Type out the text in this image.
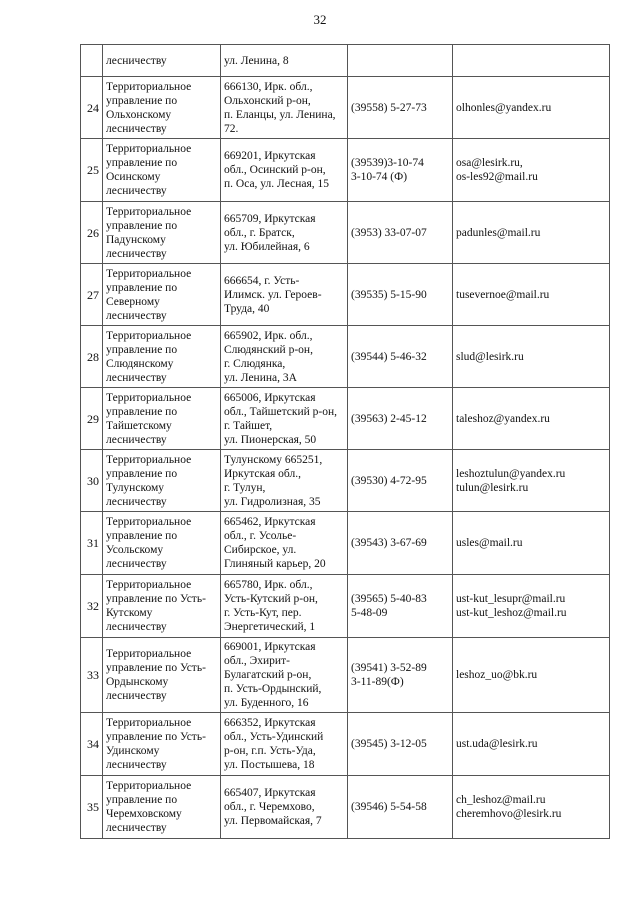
32

	лесничеству	ул. Ленина, 8		

24	Территориальное
управление по
Ольхонскому
лесничеству	666130, Ирк. обл.,
Ольхонский р-он,
п. Еланцы, ул. Ленина,
72.	(39558) 5-27-73	olhonles@yandex.ru

25	Территориальное
управление по
Осинскому
лесничеству	669201, Иркутская
обл., Осинский р-он,
п. Оса, ул. Лесная, 15	(39539)3-10-74
3-10-74 (Ф)	osa@lesirk.ru,
os-les92@mail.ru

26	Территориальное
управление по
Падунскому
лесничеству	665709, Иркутская
обл., г. Братск,
ул. Юбилейная, 6	(3953) 33-07-07	padunles@mail.ru

27	Территориальное
управление по
Северному
лесничеству	666654, г. Усть-
Илимск. ул. Героев-
Труда, 40	(39535) 5-15-90	tusevernoe@mail.ru

28	Территориальное
управление по
Слюдянскому
лесничеству	665902, Ирк. обл.,
Слюдянский р-он,
г. Слюдянка,
ул. Ленина, 3А	(39544) 5-46-32	slud@lesirk.ru

29	Территориальное
управление по
Тайшетскому
лесничеству	665006, Иркутская
обл., Тайшетский р-он,
г. Тайшет,
ул. Пионерская, 50	(39563) 2-45-12	taleshoz@yandex.ru

30	Территориальное
управление по
Тулунскому
лесничеству	Тулунскому 665251,
Иркутская обл.,
г. Тулун,
ул. Гидролизная, 35	(39530) 4-72-95	leshoztulun@yandex.ru
tulun@lesirk.ru

31	Территориальное
управление по
Усольскому
лесничеству	665462, Иркутская
обл., г. Усолье-
Сибирское, ул.
Глиняный карьер, 20	(39543) 3-67-69	usles@mail.ru

32	Территориальное
управление по Усть-
Кутскому
лесничеству	665780, Ирк. обл.,
Усть-Кутский р-он,
г. Усть-Кут, пер.
Энергетический, 1	(39565) 5-40-83
5-48-09	ust-kut_lesupr@mail.ru
ust-kut_leshoz@mail.ru

33	Территориальное
управление по Усть-
Ордынскому
лесничеству	669001, Иркутская
обл., Эхирит-
Булагатский р-он,
п. Усть-Ордынский,
ул. Буденного, 16	(39541) 3-52-89
3-11-89(Ф)	leshoz_uo@bk.ru

34	Территориальное
управление по Усть-
Удинскому
лесничеству	666352, Иркутская
обл., Усть-Удинский
р-он, г.п. Усть-Уда,
ул. Постышева, 18	(39545) 3-12-05	ust.uda@lesirk.ru

35	Территориальное
управление по
Черемховскому
лесничеству	665407, Иркутская
обл., г. Черемхово,
ул. Первомайская, 7	(39546) 5-54-58	ch_leshoz@mail.ru
cheremhovo@lesirk.ru
